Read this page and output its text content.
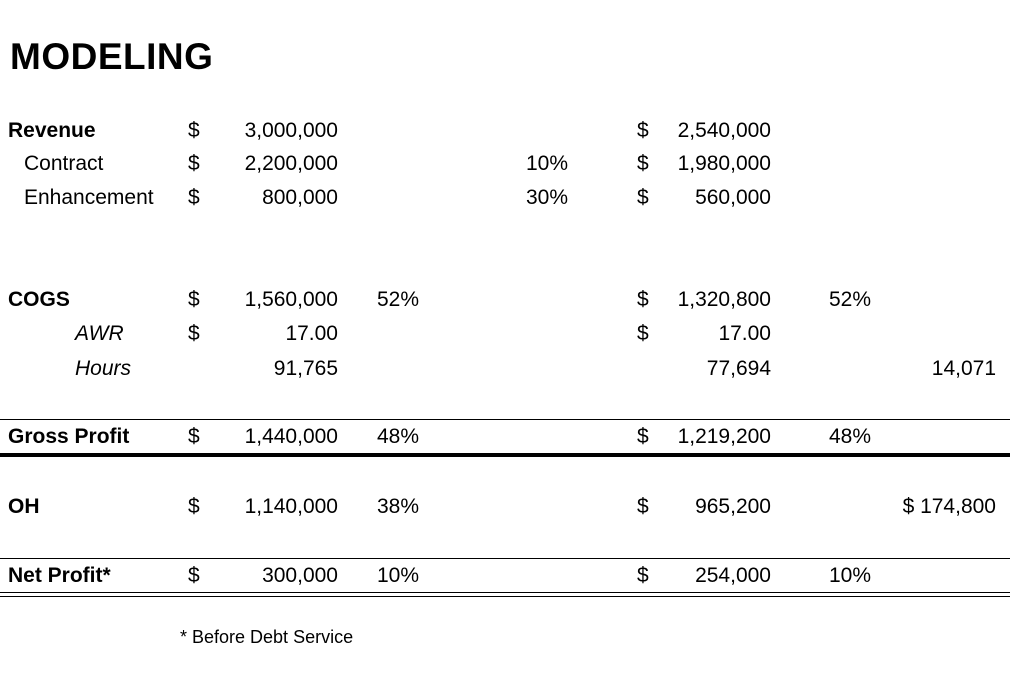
MODELING
Revenue	$	3,000,000	$	2,540,000
Contract	$	2,200,000	10%	$	1,980,000
Enhancement $	800,000	30%	$	560,000
COGS	$	1,560,000 52%	$	1,320,800	52%
AWR	$	17.00	$	17.00
Hours	91,765	77,694	14,071
Gross Profit	$	1,440,000 48%	$	1,219,200	48%
OH	$	1,140,000 38%	$	965,200	$ 174,800
Net Profit*	$	300,000 10%	$	254,000	10%
* Before Debt Service
